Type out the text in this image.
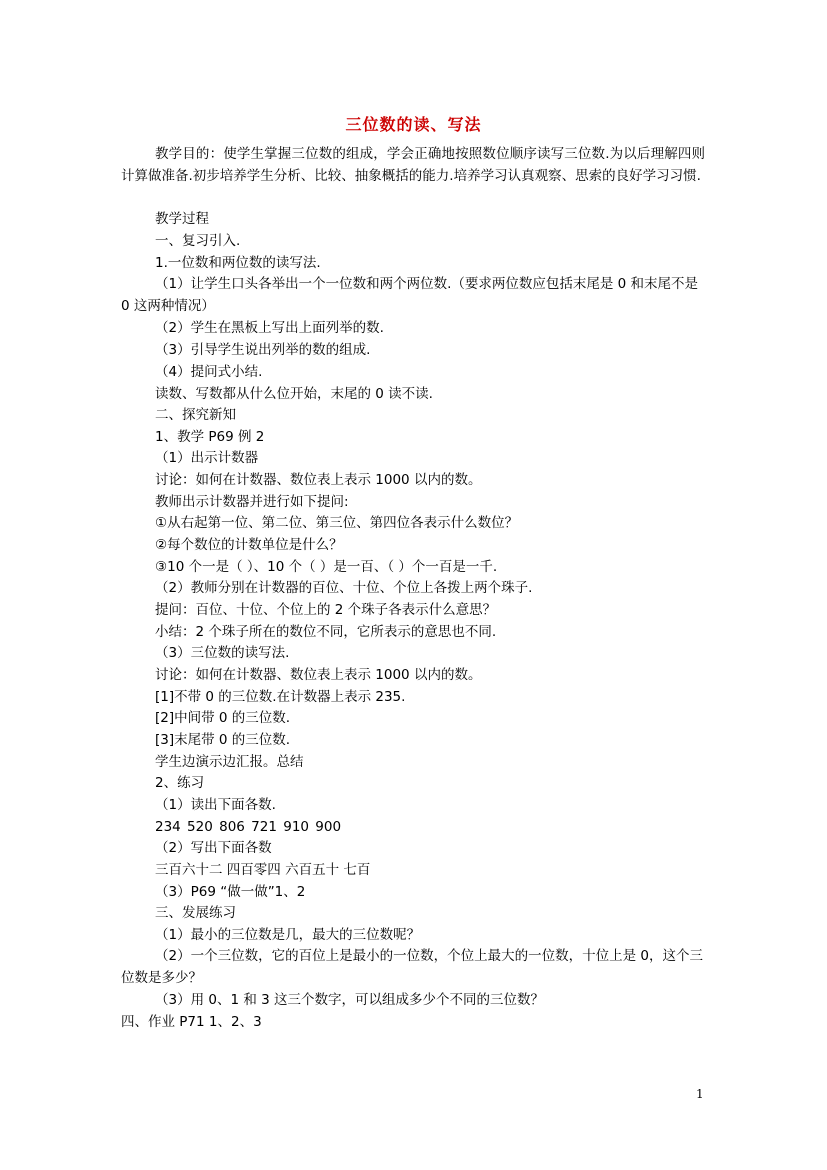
三位数的读、写法

教学目的：使学生掌握三位数的组成，学会正确地按照数位顺序读写三位数.为以后理解四则计算做准备.初步培养学生分析、比较、抽象概括的能力.培养学习认真观察、思索的良好学习习惯.

教学过程

一、复习引入.

1.一位数和两位数的读写法.

（1）让学生口头各举出一个一位数和两个两位数.（要求两位数应包括末尾是 0 和末尾不是 0 这两种情况）

（2）学生在黑板上写出上面列举的数.

（3）引导学生说出列举的数的组成.

（4）提问式小结.

读数、写数都从什么位开始，末尾的 0 读不读.

二、探究新知

1、教学 P69 例 2

（1）出示计数器

讨论：如何在计数器、数位表上表示 1000 以内的数。

教师出示计数器并进行如下提问:

①从右起第一位、第二位、第三位、第四位各表示什么数位？

②每个数位的计数单位是什么？

③10 个一是（ ）、10 个（ ）是一百、（ ）个一百是一千.

（2）教师分别在计数器的百位、十位、个位上各拨上两个珠子.

提问：百位、十位、个位上的 2 个珠子各表示什么意思？

小结：2 个珠子所在的数位不同，它所表示的意思也不同.

（3）三位数的读写法.

讨论：如何在计数器、数位表上表示 1000 以内的数。

[1]不带 0 的三位数.在计数器上表示 235.

[2]中间带 0 的三位数.

[3]末尾带 0 的三位数.

学生边演示边汇报。总结

2、练习

（1）读出下面各数.

234 520 806 721 910 900

（2）写出下面各数

三百六十二 四百零四 六百五十 七百

（3）P69 “做一做”1、2

三、发展练习

（1）最小的三位数是几，最大的三位数呢？

（2）一个三位数，它的百位上是最小的一位数，个位上最大的一位数，十位上是 0，这个三位数是多少？

（3）用 0、1 和 3 这三个数字，可以组成多少个不同的三位数？

四、作业 P71 1、2、3

1
